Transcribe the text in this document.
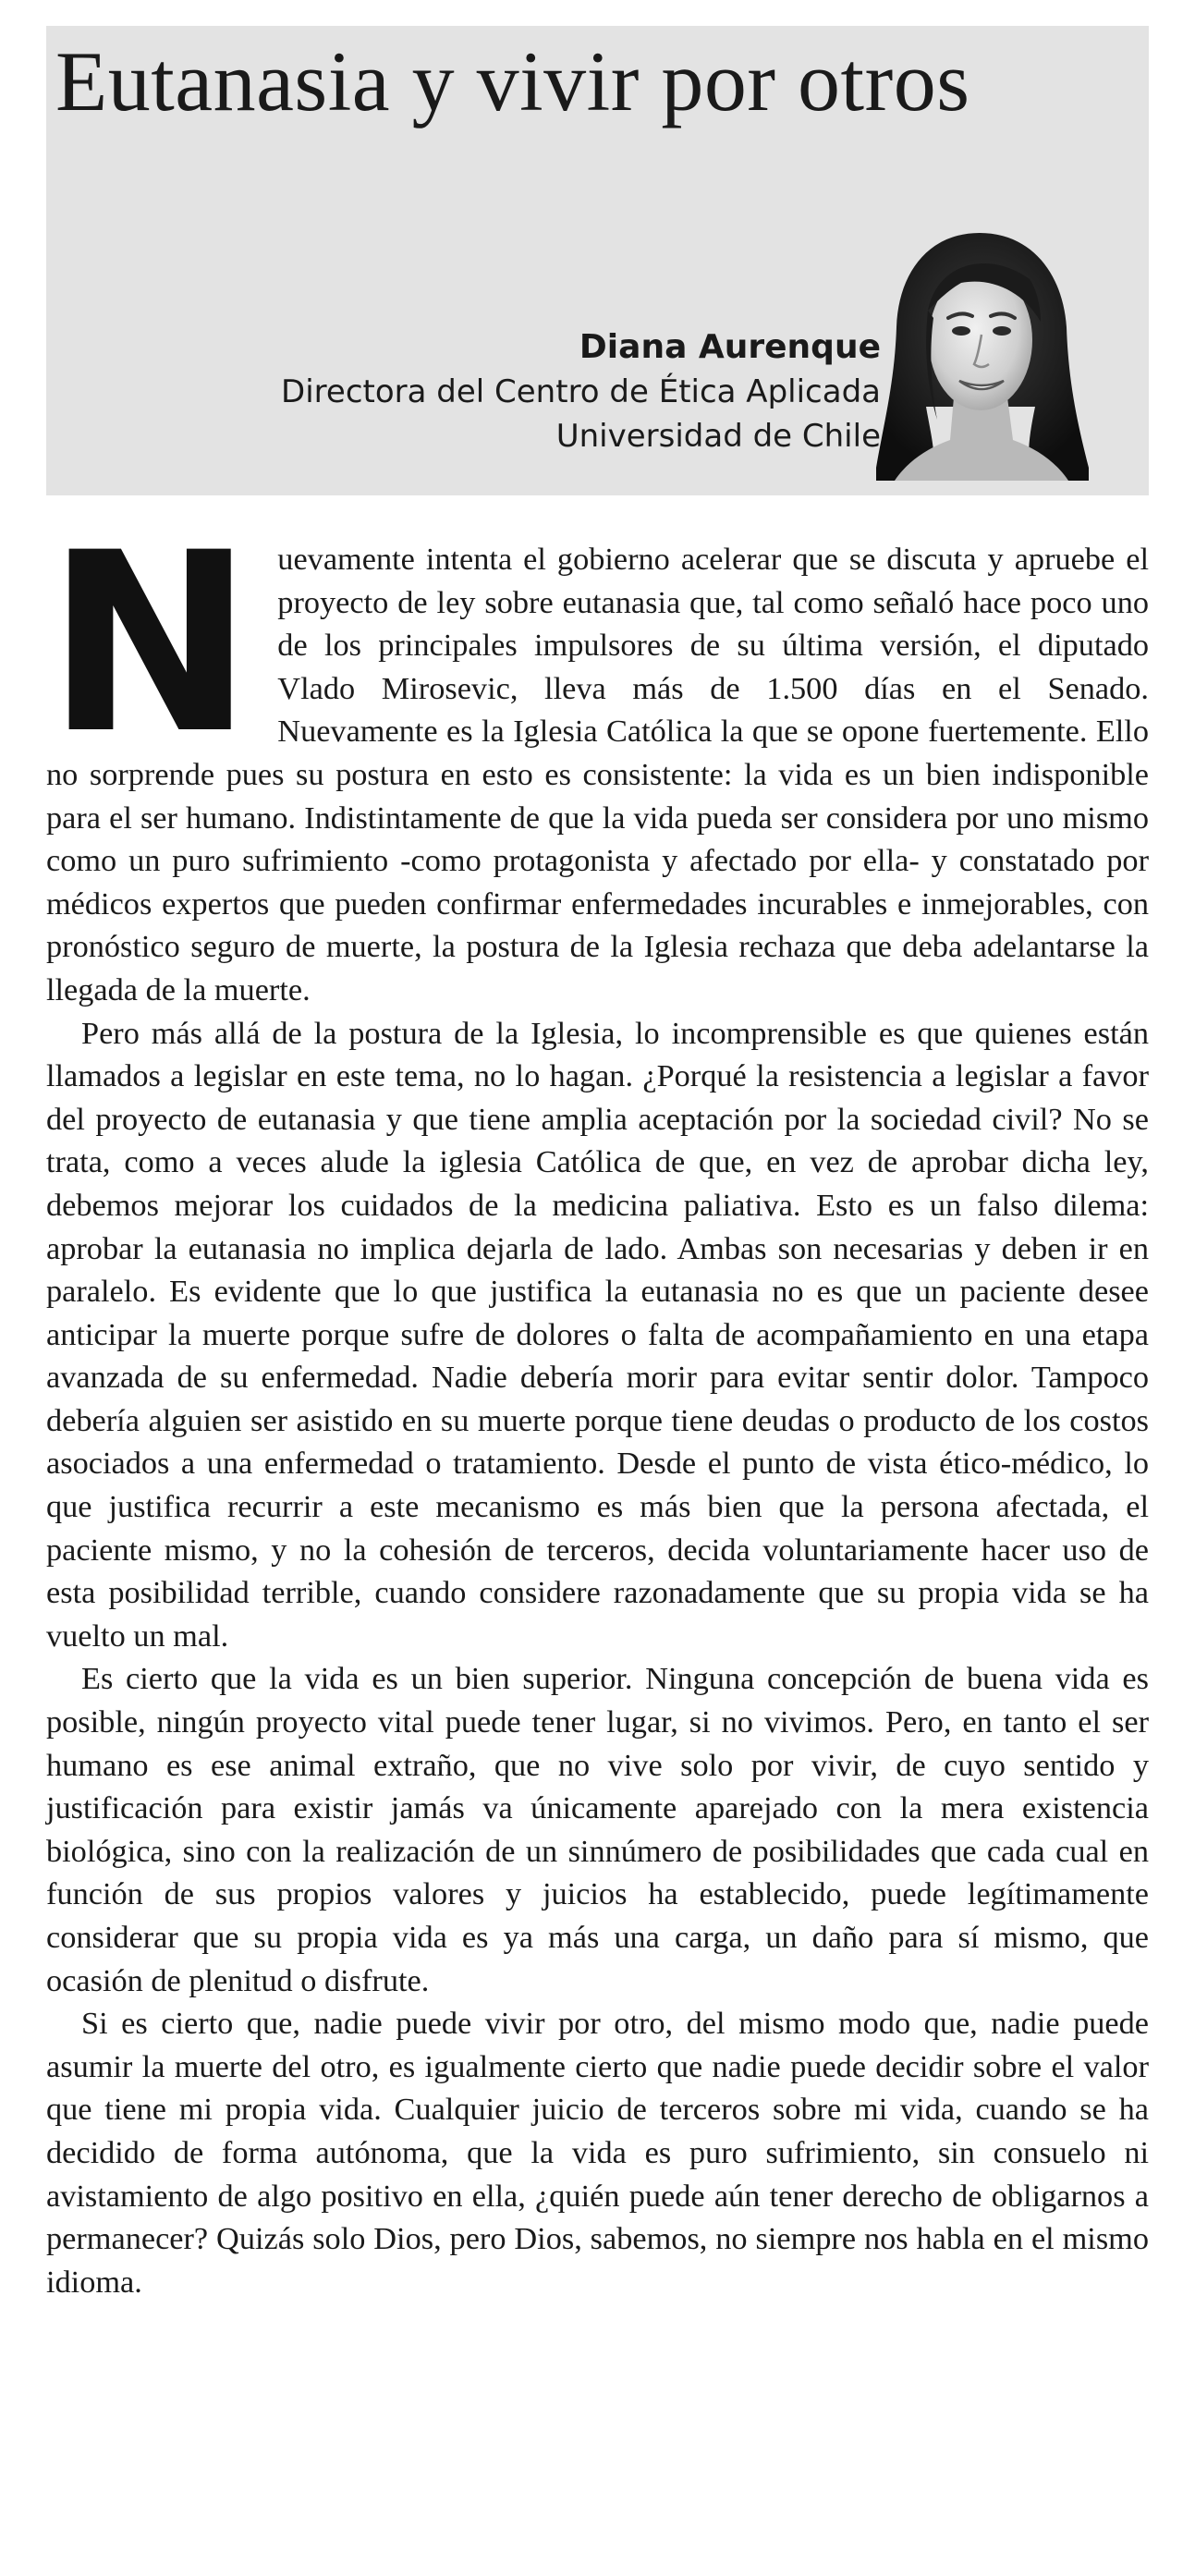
Eutanasia y vivir por otros
Diana Aurenque
Directora del Centro de Ética Aplicada
Universidad de Chile

Nuevamente intenta el gobierno acelerar que se discuta y apruebe el proyecto de ley sobre eutanasia que, tal como señaló hace poco uno de los principales impulsores de su última versión, el diputado Vlado Mirosevic, lleva más de 1.500 días en el Senado. Nuevamente es la Iglesia Católica la que se opone fuertemente. Ello no sorprende pues su postura en esto es consistente: la vida es un bien indisponible para el ser humano. Indistintamente de que la vida pueda ser considera por uno mismo como un puro sufrimiento -como protagonista y afectado por ella- y constatado por médicos expertos que pueden confirmar enfermedades incurables e inmejorables, con pronóstico seguro de muerte, la postura de la Iglesia rechaza que deba adelantarse la llegada de la muerte.

Pero más allá de la postura de la Iglesia, lo incomprensible es que quienes están llamados a legislar en este tema, no lo hagan. ¿Porqué la resistencia a legislar a favor del proyecto de eutanasia y que tiene amplia aceptación por la sociedad civil? No se trata, como a veces alude la iglesia Católica de que, en vez de aprobar dicha ley, debemos mejorar los cuidados de la medicina paliativa. Esto es un falso dilema: aprobar la eutanasia no implica dejarla de lado. Ambas son necesarias y deben ir en paralelo. Es evidente que lo que justifica la eutanasia no es que un paciente desee anticipar la muerte porque sufre de dolores o falta de acompañamiento en una etapa avanzada de su enfermedad. Nadie debería morir para evitar sentir dolor. Tampoco debería alguien ser asistido en su muerte porque tiene deudas o producto de los costos asociados a una enfermedad o tratamiento. Desde el punto de vista ético-médico, lo que justifica recurrir a este mecanismo es más bien que la persona afectada, el paciente mismo, y no la cohesión de terceros, decida voluntariamente hacer uso de esta posibilidad terrible, cuando considere razonadamente que su propia vida se ha vuelto un mal.

Es cierto que la vida es un bien superior. Ninguna concepción de buena vida es posible, ningún proyecto vital puede tener lugar, si no vivimos. Pero, en tanto el ser humano es ese animal extraño, que no vive solo por vivir, de cuyo sentido y justificación para existir jamás va únicamente aparejado con la mera existencia biológica, sino con la realización de un sinnúmero de posibilidades que cada cual en función de sus propios valores y juicios ha establecido, puede legítimamente considerar que su propia vida es ya más una carga, un daño para sí mismo, que ocasión de plenitud o disfrute.

Si es cierto que, nadie puede vivir por otro, del mismo modo que, nadie puede asumir la muerte del otro, es igualmente cierto que nadie puede decidir sobre el valor que tiene mi propia vida. Cualquier juicio de terceros sobre mi vida, cuando se ha decidido de forma autónoma, que la vida es puro sufrimiento, sin consuelo ni avistamiento de algo positivo en ella, ¿quién puede aún tener derecho de obligarnos a permanecer? Quizás solo Dios, pero Dios, sabemos, no siempre nos habla en el mismo idioma.
